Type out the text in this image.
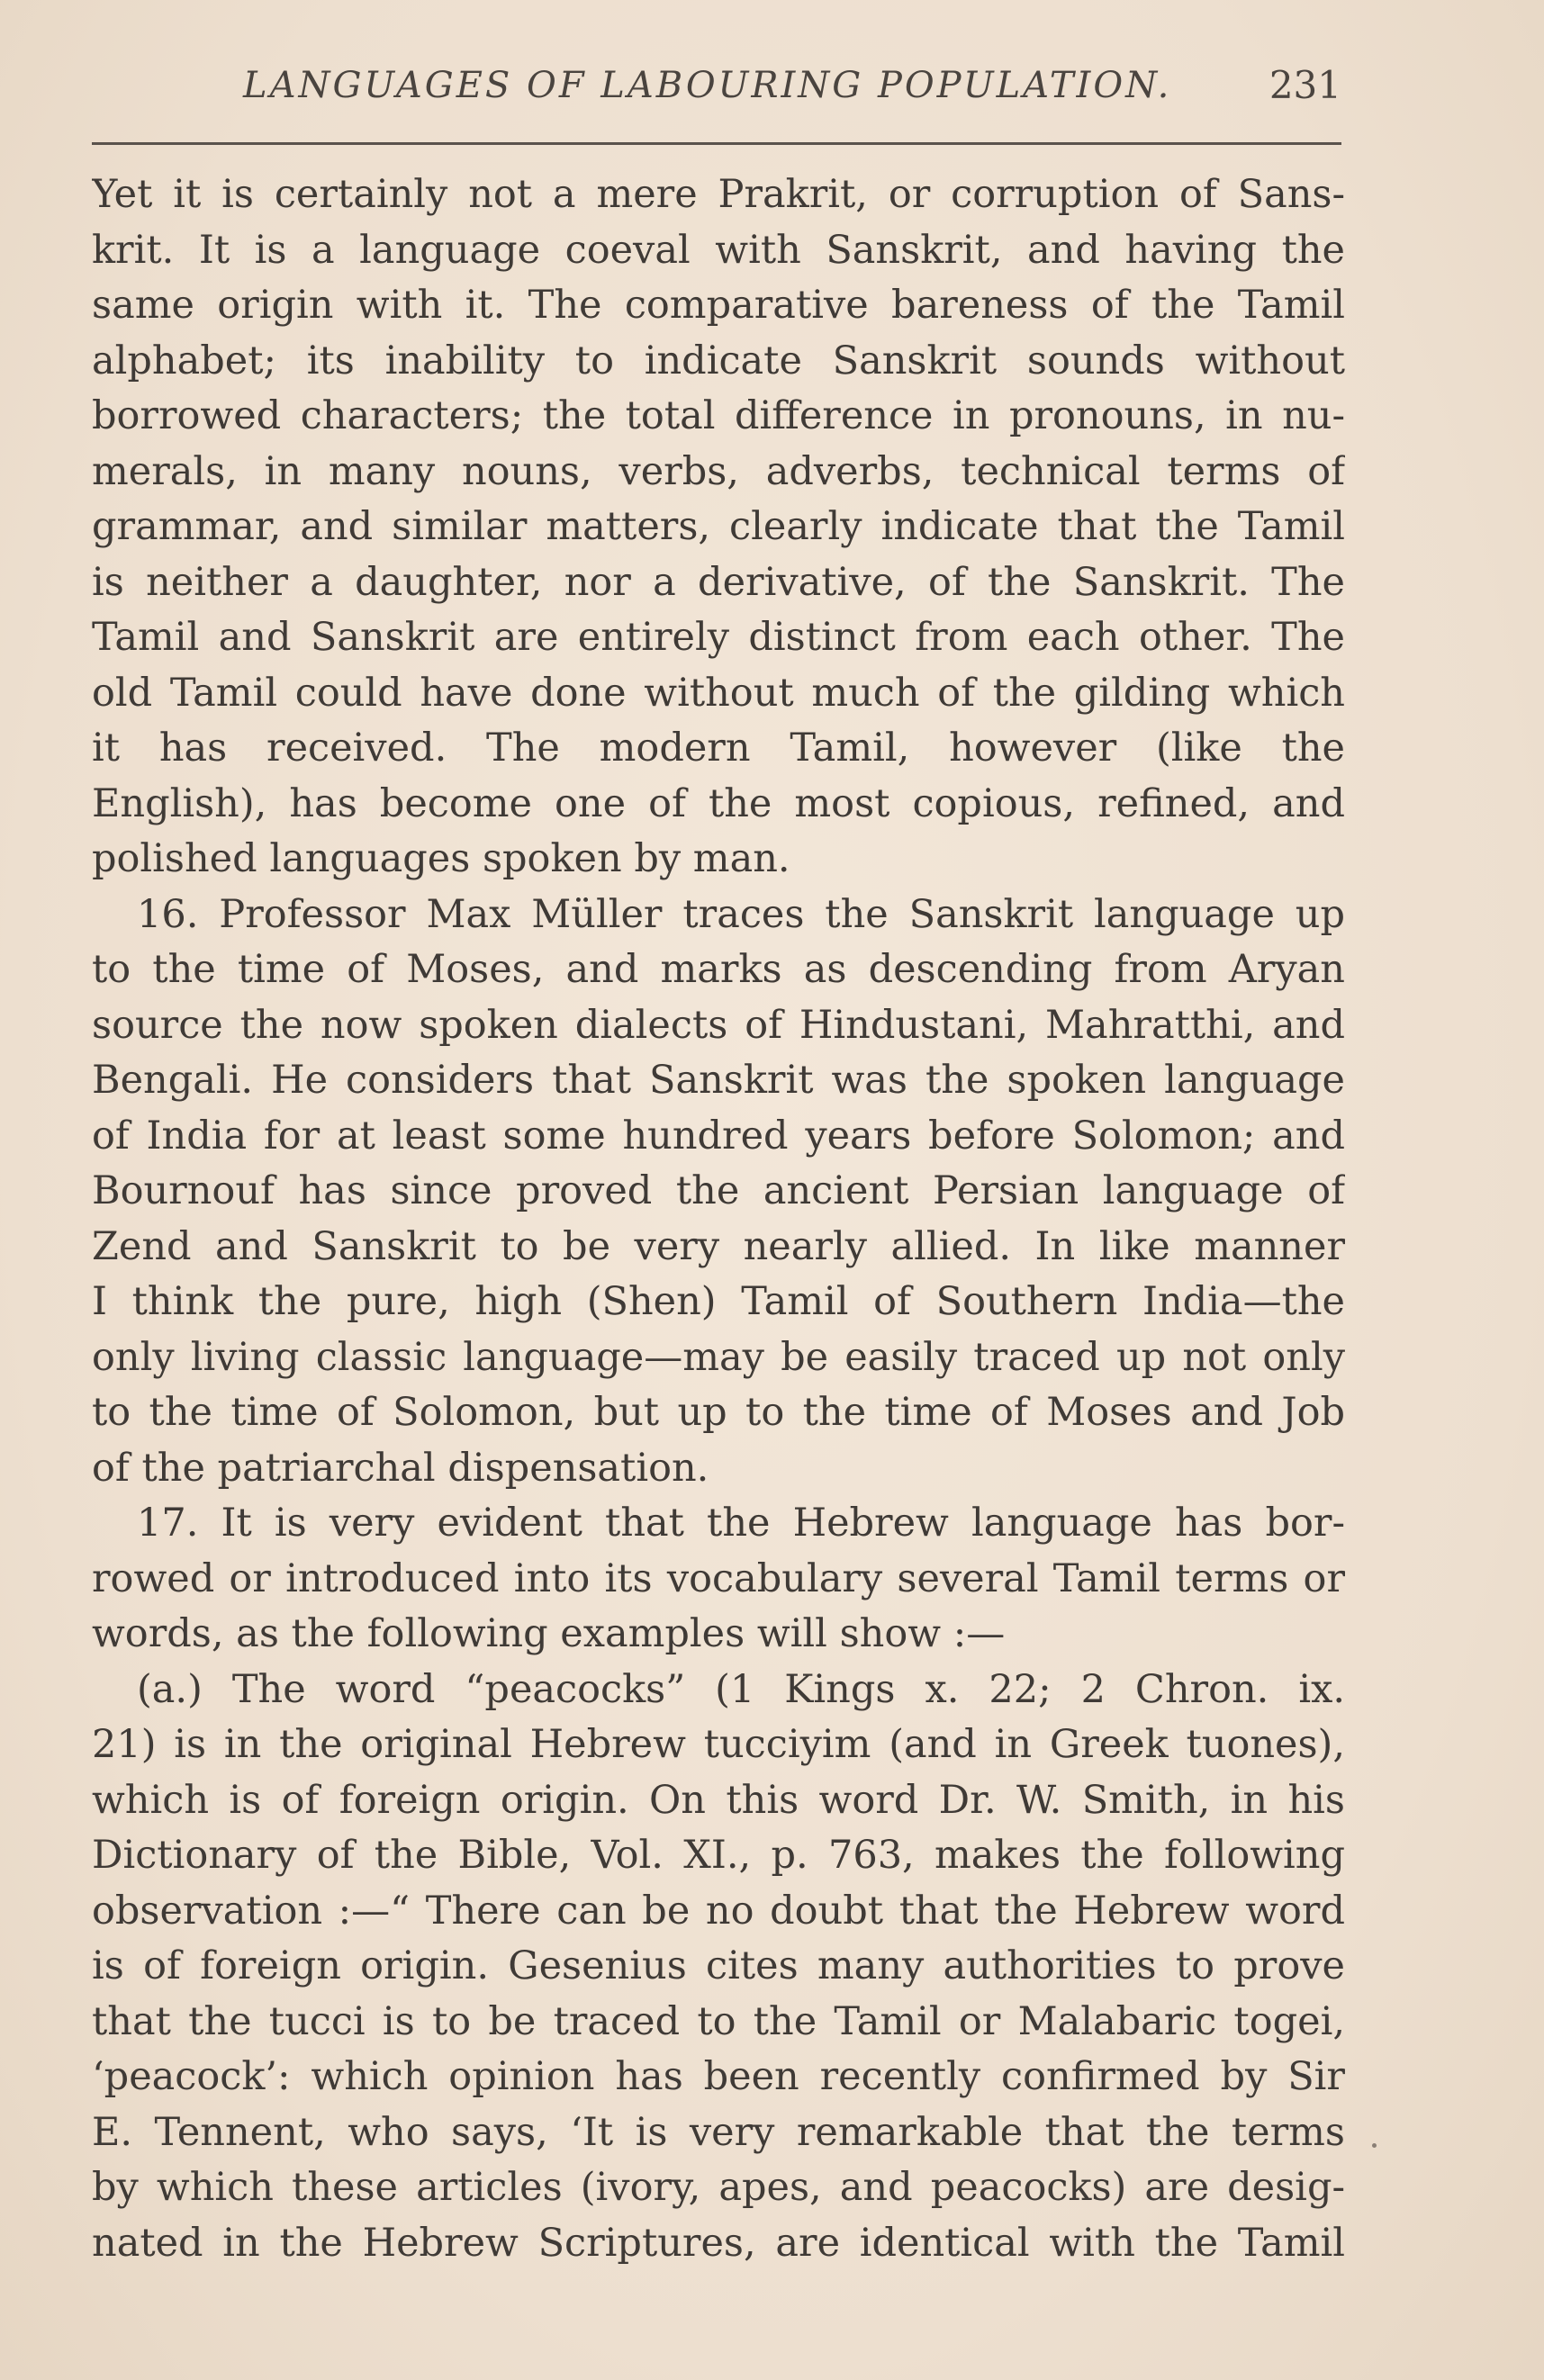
LANGUAGES OF LABOURING POPULATION.	231
Yet it is certainly not a mere Prakrit, or corruption of Sans-
krit. It is a language coeval with Sanskrit, and having the
same origin with it. The comparative bareness of the Tamil
alphabet; its inability to indicate Sanskrit sounds without
borrowed characters; the total difference in pronouns, in nu-
merals, in many nouns, verbs, adverbs, technical terms of
grammar, and similar matters, clearly indicate that the Tamil
is neither a daughter, nor a derivative, of the Sanskrit. The
Tamil and Sanskrit are entirely distinct from each other. The
old Tamil could have done without much of the gilding which
it has received. The modern Tamil, however (like the
English), has become one of the most copious, refined, and
polished languages spoken by man.
16. Professor Max Müller traces the Sanskrit language up
to the time of Moses, and marks as descending from Aryan
source the now spoken dialects of Hindustani, Mahratthi, and
Bengali. He considers that Sanskrit was the spoken language
of India for at least some hundred years before Solomon; and
Bournouf has since proved the ancient Persian language of
Zend and Sanskrit to be very nearly allied. In like manner
I think the pure, high (Shen) Tamil of Southern India—the
only living classic language—may be easily traced up not only
to the time of Solomon, but up to the time of Moses and Job
of the patriarchal dispensation.
17. It is very evident that the Hebrew language has bor-
rowed or introduced into its vocabulary several Tamil terms or
words, as the following examples will show :—
(a.) The word “peacocks” (1 Kings x. 22; 2 Chron. ix.
21) is in the original Hebrew tucciyim (and in Greek tuones),
which is of foreign origin. On this word Dr. W. Smith, in his
Dictionary of the Bible, Vol. XI., p. 763, makes the following
observation :—“ There can be no doubt that the Hebrew word
is of foreign origin. Gesenius cites many authorities to prove
that the tucci is to be traced to the Tamil or Malabaric togei,
‘peacock’: which opinion has been recently confirmed by Sir
E. Tennent, who says, ‘It is very remarkable that the terms
by which these articles (ivory, apes, and peacocks) are desig-
nated in the Hebrew Scriptures, are identical with the Tamil
